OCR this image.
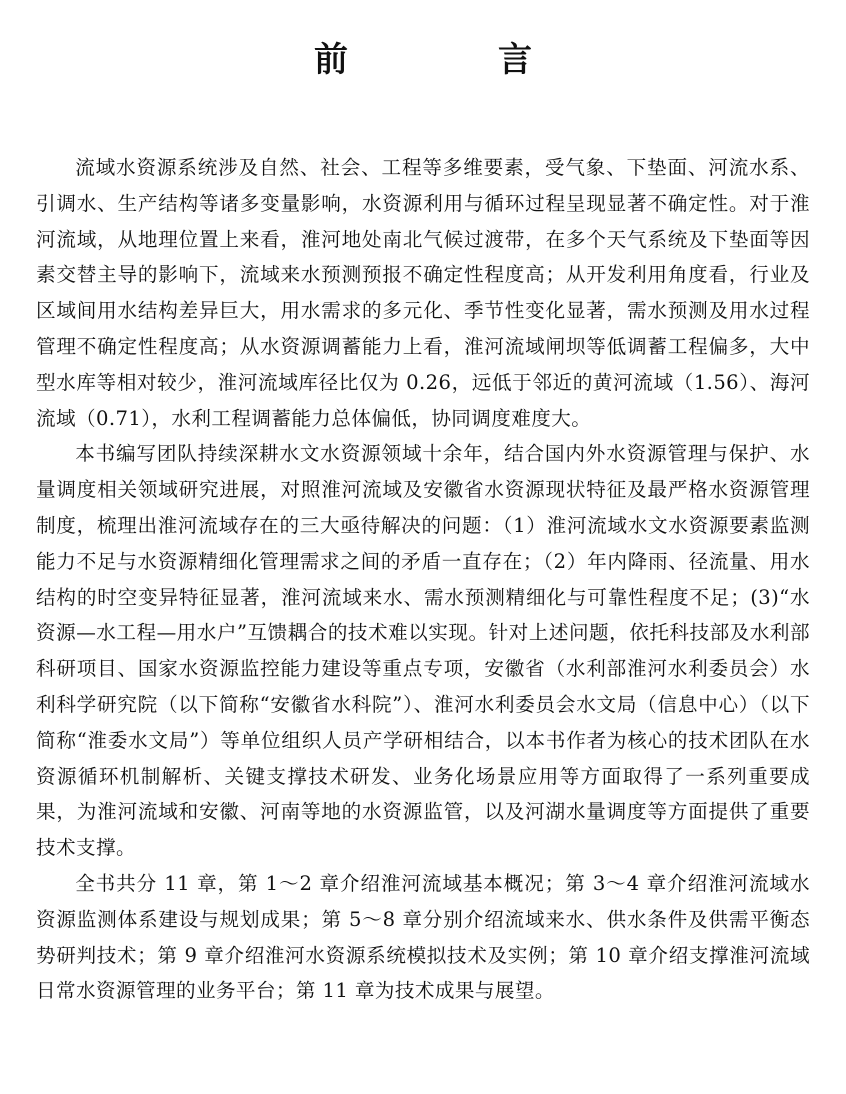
前　言

流域水资源系统涉及自然、社会、工程等多维要素，受气象、下垫面、河流水系、引调水、生产结构等诸多变量影响，水资源利用与循环过程呈现显著不确定性。对于淮河流域，从地理位置上来看，淮河地处南北气候过渡带，在多个天气系统及下垫面等因素交替主导的影响下，流域来水预测预报不确定性程度高；从开发利用角度看，行业及区域间用水结构差异巨大，用水需求的多元化、季节性变化显著，需水预测及用水过程管理不确定性程度高；从水资源调蓄能力上看，淮河流域闸坝等低调蓄工程偏多，大中型水库等相对较少，淮河流域库径比仅为 0.26，远低于邻近的黄河流域（1.56）、海河流域（0.71），水利工程调蓄能力总体偏低，协同调度难度大。

本书编写团队持续深耕水文水资源领域十余年，结合国内外水资源管理与保护、水量调度相关领域研究进展，对照淮河流域及安徽省水资源现状特征及最严格水资源管理制度，梳理出淮河流域存在的三大亟待解决的问题：（1）淮河流域水文水资源要素监测能力不足与水资源精细化管理需求之间的矛盾一直存在；（2）年内降雨、径流量、用水结构的时空变异特征显著，淮河流域来水、需水预测精细化与可靠性程度不足；(3)“水资源—水工程—用水户”互馈耦合的技术难以实现。针对上述问题，依托科技部及水利部科研项目、国家水资源监控能力建设等重点专项，安徽省（水利部淮河水利委员会）水利科学研究院（以下简称“安徽省水科院”）、淮河水利委员会水文局（信息中心）（以下简称“淮委水文局”）等单位组织人员产学研相结合，以本书作者为核心的技术团队在水资源循环机制解析、关键支撑技术研发、业务化场景应用等方面取得了一系列重要成果，为淮河流域和安徽、河南等地的水资源监管，以及河湖水量调度等方面提供了重要技术支撑。

全书共分 11 章，第 1～2 章介绍淮河流域基本概况；第 3～4 章介绍淮河流域水资源监测体系建设与规划成果；第 5～8 章分别介绍流域来水、供水条件及供需平衡态势研判技术；第 9 章介绍淮河水资源系统模拟技术及实例；第 10 章介绍支撑淮河流域日常水资源管理的业务平台；第 11 章为技术成果与展望。
